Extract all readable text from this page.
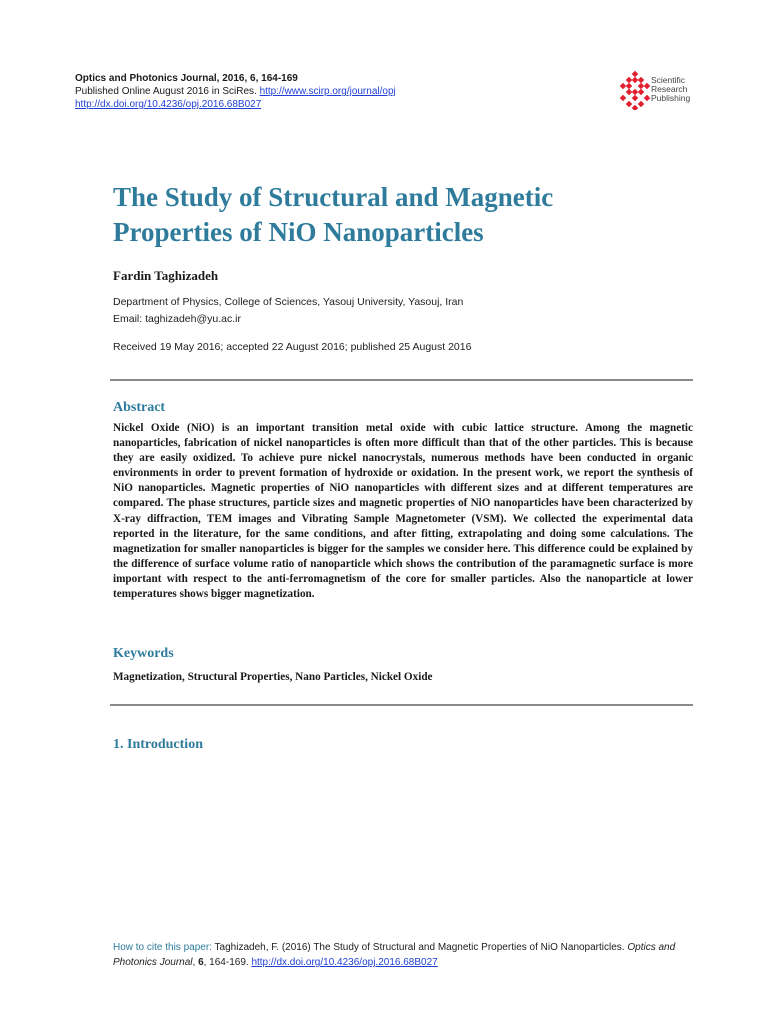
Optics and Photonics Journal, 2016, 6, 164-169
Published Online August 2016 in SciRes. http://www.scirp.org/journal/opj
http://dx.doi.org/10.4236/opj.2016.68B027
Scientific
Research
Publishing
The Study of Structural and Magnetic
Properties of NiO Nanoparticles
Fardin Taghizadeh
Department of Physics, College of Sciences, Yasouj University, Yasouj, Iran
Email: taghizadeh@yu.ac.ir
Received 19 May 2016; accepted 22 August 2016; published 25 August 2016
Abstract
Nickel Oxide (NiO) is an important transition metal oxide with cubic lattice structure. Among the magnetic nanoparticles, fabrication of nickel nanoparticles is often more difficult than that of the other particles. This is because they are easily oxidized. To achieve pure nickel nanocrystals, numerous methods have been conducted in organic environments in order to prevent formation of hydroxide or oxidation. In the present work, we report the synthesis of NiO nanoparticles. Magnetic properties of NiO nanoparticles with different sizes and at different temperatures are compared. The phase structures, particle sizes and magnetic properties of NiO nanoparticles have been characterized by X-ray diffraction, TEM images and Vibrating Sample Magnetometer (VSM). We collected the experimental data reported in the literature, for the same conditions, and after fitting, extrapolating and doing some calculations. The magnetization for smaller nanoparticles is bigger for the samples we consider here. This difference could be explained by the difference of surface volume ratio of nanoparticle which shows the contribution of the paramagnetic surface is more important with respect to the anti-ferromagnetism of the core for smaller particles. Also the nanoparticle at lower temperatures shows bigger magnetization.
Keywords
Magnetization, Structural Properties, Nano Particles, Nickel Oxide
1. Introduction
How to cite this paper: Taghizadeh, F. (2016) The Study of Structural and Magnetic Properties of NiO Nanoparticles. Optics and Photonics Journal, 6, 164-169. http://dx.doi.org/10.4236/opj.2016.68B027
